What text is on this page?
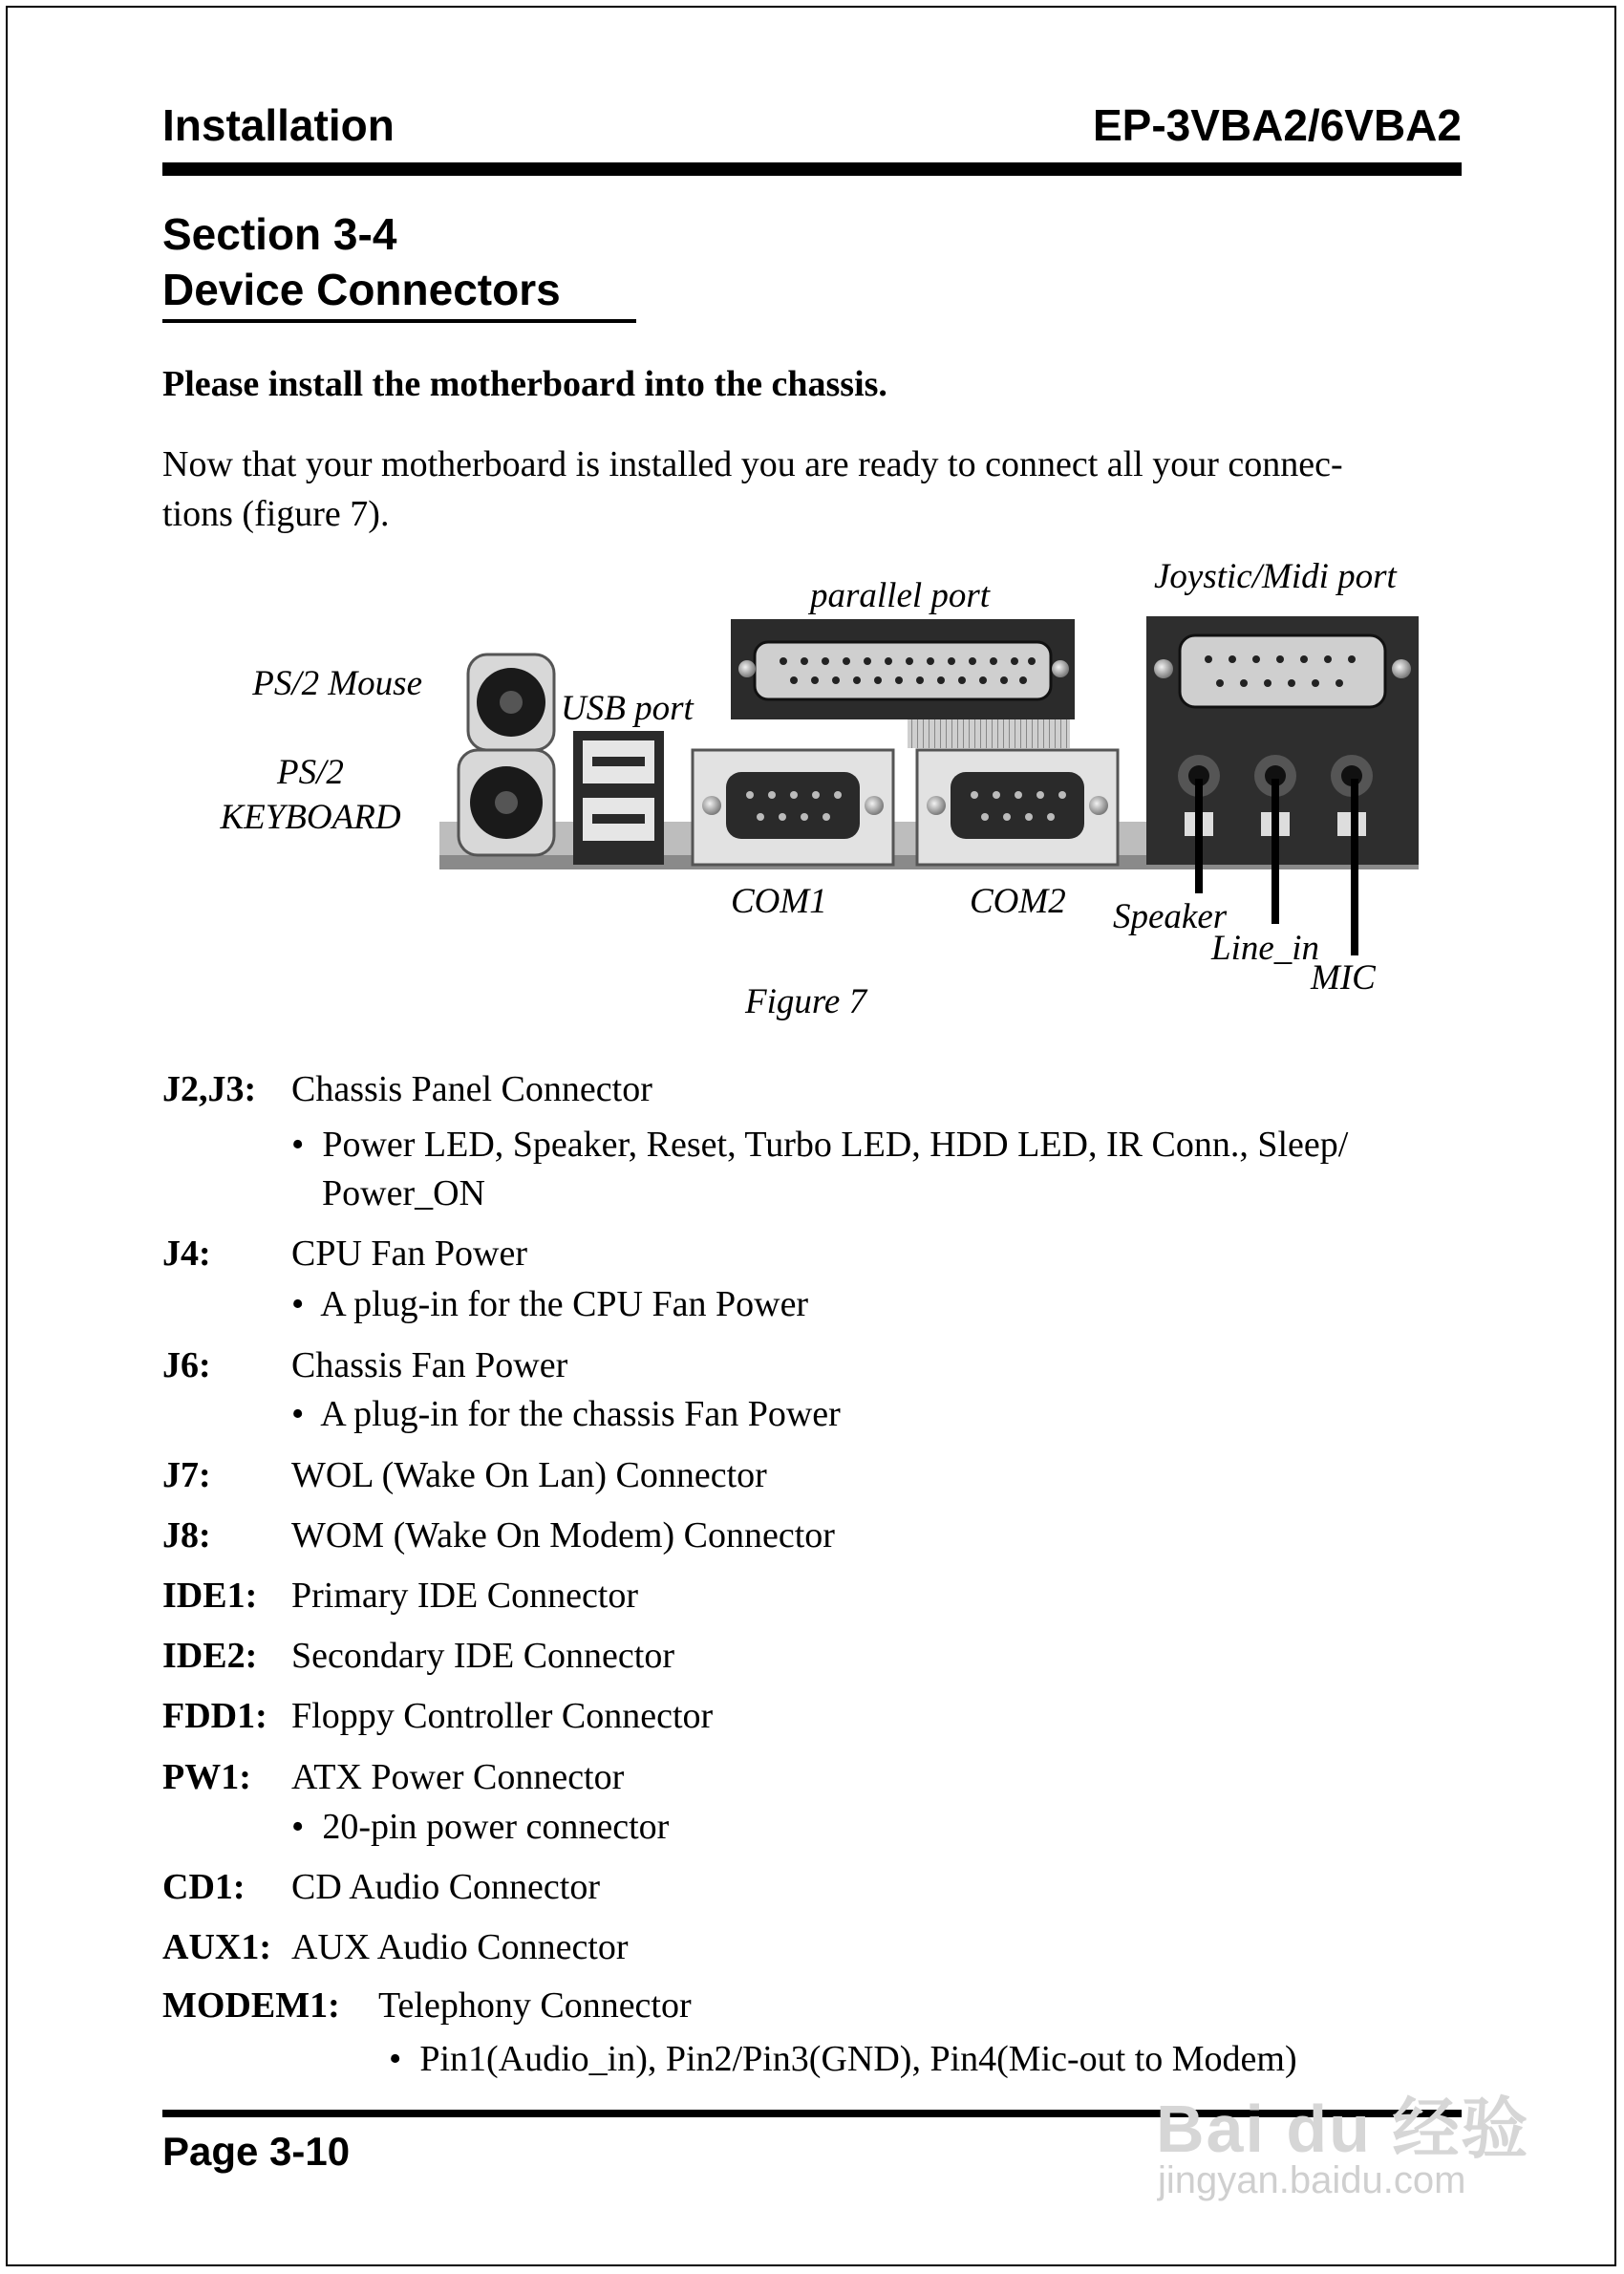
Installation	EP-3VBA2/6VBA2
Section 3-4
Device Connectors
Please install the motherboard into the chassis.
Now that your motherboard is installed you are ready to connect all your connec-
tions (figure 7).
PS/2 Mouse
PS/2
KEYBOARD
USB port
parallel port	Joystic/Midi port
COM1	COM2 Speaker
Line_in
MIC
Figure 7
J2,J3: Chassis Panel Connector
•  Power LED, Speaker, Reset, Turbo LED, HDD LED, IR Conn., Sleep/
Power_ON
J4: CPU Fan Power
•  A plug-in for the CPU Fan Power
J6: Chassis Fan Power
•  A plug-in for the chassis Fan Power
J7: WOL (Wake On Lan) Connector
J8: WOM (Wake On Modem) Connector
IDE1: Primary IDE Connector
IDE2: Secondary IDE Connector
FDD1: Floppy Controller Connector
PW1: ATX Power Connector
•  20-pin power connector
CD1: CD Audio Connector
AUX1: AUX Audio Connector
MODEM1: Telephony Connector
•  Pin1(Audio_in), Pin2/Pin3(GND), Pin4(Mic-out to Modem)
Page 3-10	Bai du 经验
jingyan.baidu.com
